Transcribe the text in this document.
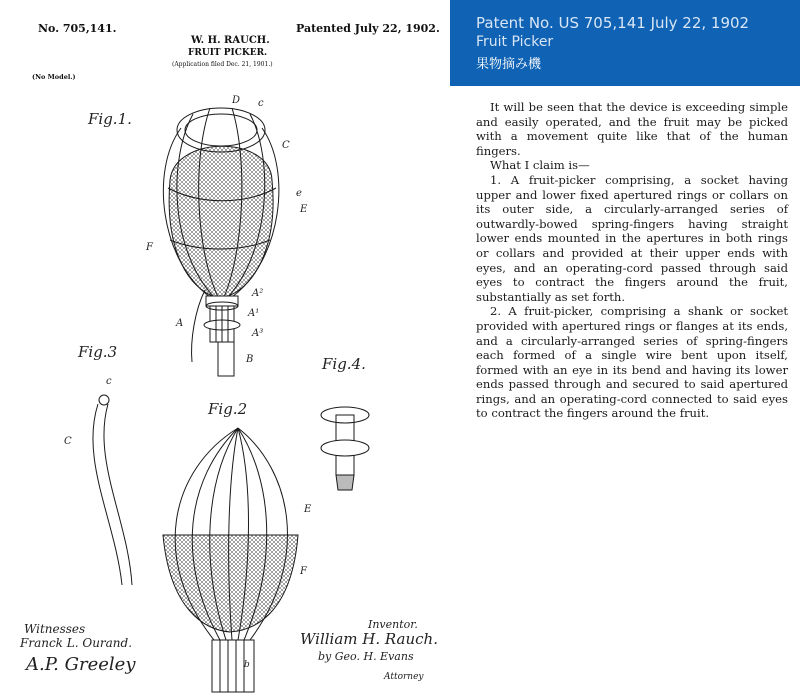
No. 705,141.	Patented July 22, 1902.
W. H. RAUCH.
FRUIT PICKER.
(Application filed Dec. 21, 1901.)
(No Model.)
Fig.1.
Fig.3
Fig.4.
Fig.2
D c
C
e
E
F
A²
A¹
A³
A
B
C
c
E
F
b
Witnesses
Franck L. Ourand.
A.P. Greeley
Inventor.
William H. Rauch.
by Geo. H. Evans
Attorney
Patent No. US 705,141 July 22, 1902
Fruit Picker
果物摘み機

It will be seen that the device is exceeding simple and easily operated, and the fruit may be picked with a movement quite like that of the human fingers.

What I claim is—

1. A fruit-picker comprising, a socket having upper and lower fixed apertured rings or collars on its outer side, a circularly-arranged series of outwardly-bowed spring-fingers having straight lower ends mounted in the apertures in both rings or collars and provided at their upper ends with eyes, and an operating-cord passed through said eyes to contract the fingers around the fruit, substantially as set forth.

2. A fruit-picker, comprising a shank or socket provided with apertured rings or flanges at its ends, and a circularly-arranged series of spring-fingers each formed of a single wire bent upon itself, formed with an eye in its bend and having its lower ends passed through and secured to said apertured rings, and an operating-cord connected to said eyes to contract the fingers around the fruit.
